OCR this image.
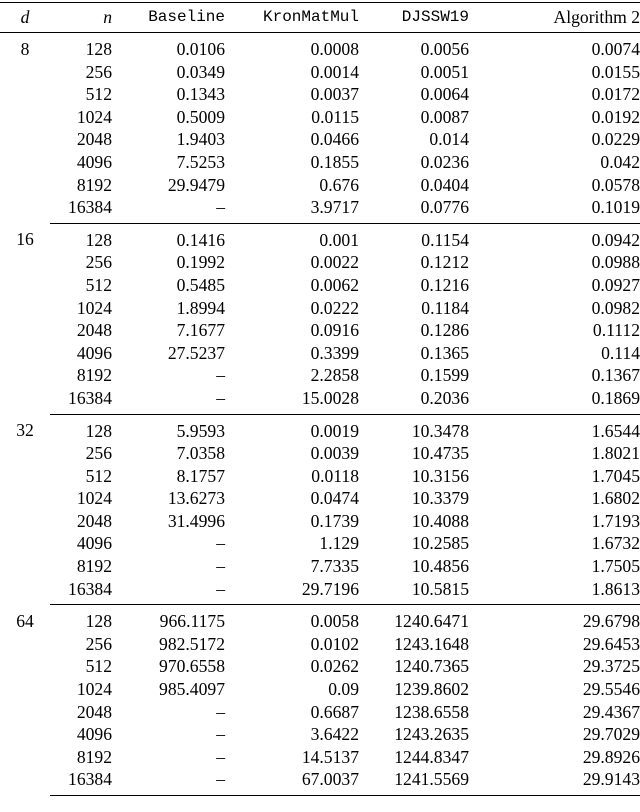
d	n	Baseline	KronMatMul	DJSSW19	Algorithm 2
8	128	0.0106	0.0008	0.0056	0.0074
	256	0.0349	0.0014	0.0051	0.0155
	512	0.1343	0.0037	0.0064	0.0172
	1024	0.5009	0.0115	0.0087	0.0192
	2048	1.9403	0.0466	0.014	0.0229
	4096	7.5253	0.1855	0.0236	0.042
	8192	29.9479	0.676	0.0404	0.0578
	16384	–	3.9717	0.0776	0.1019
16	128	0.1416	0.001	0.1154	0.0942
	256	0.1992	0.0022	0.1212	0.0988
	512	0.5485	0.0062	0.1216	0.0927
	1024	1.8994	0.0222	0.1184	0.0982
	2048	7.1677	0.0916	0.1286	0.1112
	4096	27.5237	0.3399	0.1365	0.114
	8192	–	2.2858	0.1599	0.1367
	16384	–	15.0028	0.2036	0.1869
32	128	5.9593	0.0019	10.3478	1.6544
	256	7.0358	0.0039	10.4735	1.8021
	512	8.1757	0.0118	10.3156	1.7045
	1024	13.6273	0.0474	10.3379	1.6802
	2048	31.4996	0.1739	10.4088	1.7193
	4096	–	1.129	10.2585	1.6732
	8192	–	7.7335	10.4856	1.7505
	16384	–	29.7196	10.5815	1.8613
64	128	966.1175	0.0058	1240.6471	29.6798
	256	982.5172	0.0102	1243.1648	29.6453
	512	970.6558	0.0262	1240.7365	29.3725
	1024	985.4097	0.09	1239.8602	29.5546
	2048	–	0.6687	1238.6558	29.4367
	4096	–	3.6422	1243.2635	29.7029
	8192	–	14.5137	1244.8347	29.8926
	16384	–	67.0037	1241.5569	29.9143
